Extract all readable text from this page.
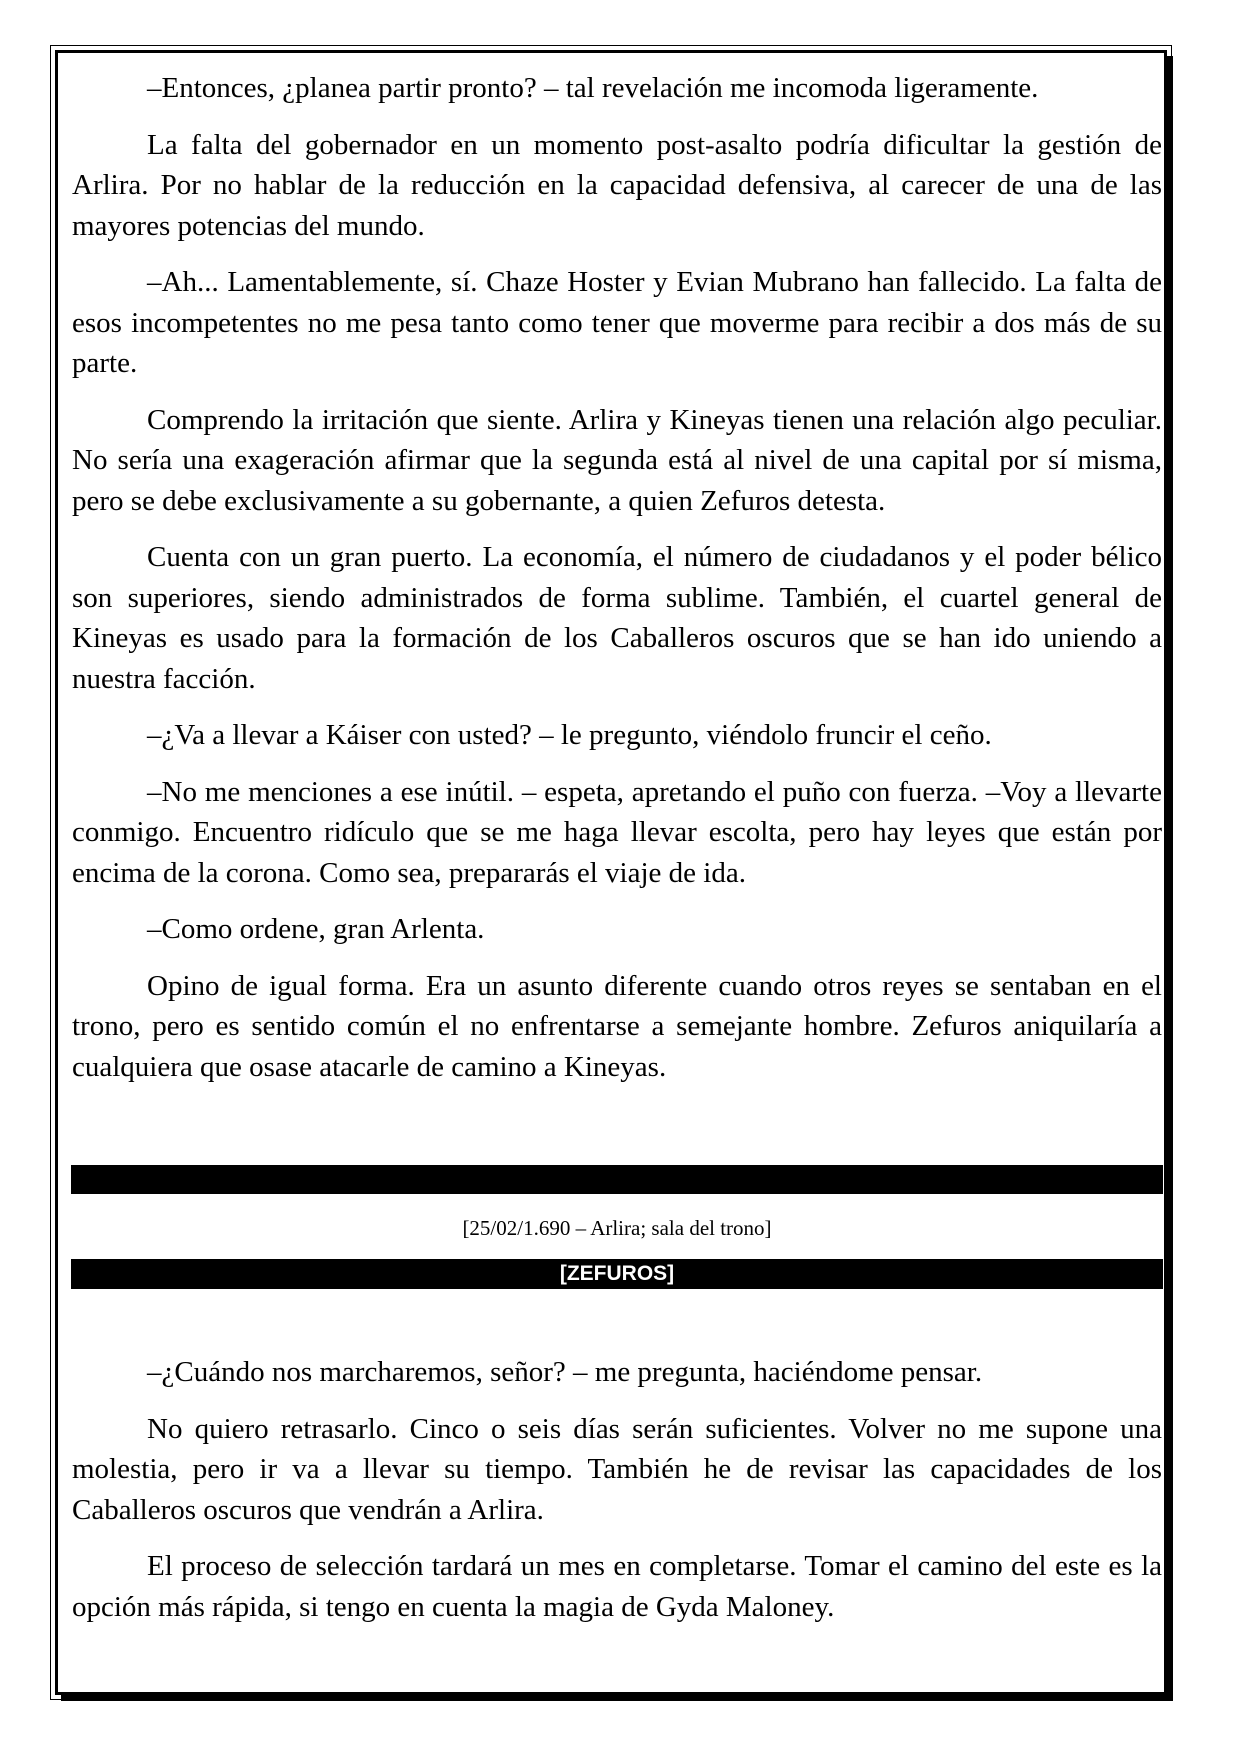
–Entonces, ¿planea partir pronto? – tal revelación me incomoda ligeramente.

La falta del gobernador en un momento post-asalto podría dificultar la gestión de Arlira. Por no hablar de la reducción en la capacidad defensiva, al carecer de una de las mayores potencias del mundo.

–Ah... Lamentablemente, sí. Chaze Hoster y Evian Mubrano han fallecido. La falta de esos incompetentes no me pesa tanto como tener que moverme para recibir a dos más de su parte.

Comprendo la irritación que siente. Arlira y Kineyas tienen una relación algo peculiar. No sería una exageración afirmar que la segunda está al nivel de una capital por sí misma, pero se debe exclusivamente a su gobernante, a quien Zefuros detesta.

Cuenta con un gran puerto. La economía, el número de ciudadanos y el poder bélico son superiores, siendo administrados de forma sublime. También, el cuartel general de Kineyas es usado para la formación de los Caballeros oscuros que se han ido uniendo a nuestra facción.

–¿Va a llevar a Káiser con usted? – le pregunto, viéndolo fruncir el ceño.

–No me menciones a ese inútil. – espeta, apretando el puño con fuerza. –Voy a llevarte conmigo. Encuentro ridículo que se me haga llevar escolta, pero hay leyes que están por encima de la corona. Como sea, prepararás el viaje de ida.

–Como ordene, gran Arlenta.

Opino de igual forma. Era un asunto diferente cuando otros reyes se sentaban en el trono, pero es sentido común el no enfrentarse a semejante hombre. Zefuros aniquilaría a cualquiera que osase atacarle de camino a Kineyas.

[25/02/1.690 – Arlira; sala del trono]
[ZEFUROS]

–¿Cuándo nos marcharemos, señor? – me pregunta, haciéndome pensar.

No quiero retrasarlo. Cinco o seis días serán suficientes. Volver no me supone una molestia, pero ir va a llevar su tiempo. También he de revisar las capacidades de los Caballeros oscuros que vendrán a Arlira.

El proceso de selección tardará un mes en completarse. Tomar el camino del este es la opción más rápida, si tengo en cuenta la magia de Gyda Maloney.
